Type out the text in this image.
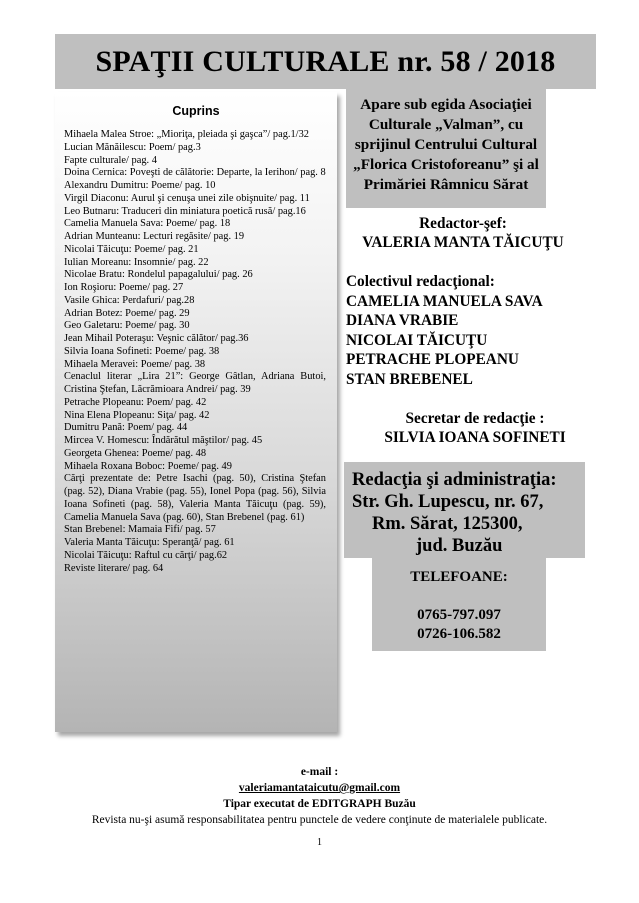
SPAŢII CULTURALE nr. 58 / 2018
Cuprins
Mihaela Malea Stroe: „Mioriţa, pleiada şi gaşca”/ pag.1/32
Lucian Mănăilescu: Poem/ pag.3
Fapte culturale/ pag. 4
Doina Cernica: Poveşti de călătorie: Departe, la Ierihon/ pag. 8
Alexandru Dumitru: Poeme/ pag. 10
Virgil Diaconu: Aurul şi cenuşa unei zile obişnuite/ pag. 11
Leo Butnaru: Traduceri din miniatura poetică rusă/ pag.16
Camelia Manuela Sava: Poeme/ pag. 18
Adrian Munteanu: Lecturi regăsite/ pag. 19
Nicolai Tăicuţu: Poeme/ pag. 21
Iulian Moreanu: Insomnie/ pag. 22
Nicolae Bratu: Rondelul papagalului/ pag. 26
Ion Roşioru: Poeme/ pag. 27
Vasile Ghica: Perdafuri/ pag.28
Adrian Botez: Poeme/ pag. 29
Geo Galetaru: Poeme/ pag. 30
Jean Mihail Poteraşu: Veşnic călător/ pag.36
Silvia Ioana Sofineti: Poeme/ pag. 38
Mihaela Meravei: Poeme/ pag. 38
Cenaclul literar „Lira 21”: George Gâtlan, Adriana Butoi, Cristina Ştefan, Lăcrămioara Andrei/ pag. 39
Petrache Plopeanu: Poem/ pag. 42
Nina Elena Plopeanu: Siţa/ pag. 42
Dumitru Pană: Poem/ pag. 44
Mircea V. Homescu: Îndărătul măştilor/ pag. 45
Georgeta Ghenea: Poeme/ pag. 48
Mihaela Roxana Boboc: Poeme/ pag. 49
Cărţi prezentate de: Petre Isachi (pag. 50), Cristina Ştefan (pag. 52), Diana Vrabie (pag. 55), Ionel Popa (pag. 56), Silvia Ioana Sofineti (pag. 58), Valeria Manta Tăicuţu (pag. 59), Camelia Manuela Sava (pag. 60), Stan Brebenel (pag. 61)
Stan Brebenel: Mamaia Fifi/ pag. 57
Valeria Manta Tăicuţu: Speranţă/ pag. 61
Nicolai Tăicuţu: Raftul cu cărţi/ pag.62
Reviste literare/ pag. 64
Apare sub egida Asociaţiei Culturale „Valman”, cu sprijinul Centrului Cultural „Florica Cristoforeanu” şi al Primăriei Râmnicu Sărat
Redactor-şef:
VALERIA MANTA TĂICUŢU
Colectivul redacţional:
CAMELIA MANUELA SAVA
DIANA VRABIE
NICOLAI TĂICUŢU
PETRACHE PLOPEANU
STAN BREBENEL
Secretar de redacţie :
SILVIA IOANA SOFINETI
Redacţia şi administraţia:
Str. Gh. Lupescu, nr. 67,
Rm. Sărat, 125300,
jud. Buzău
TELEFOANE:
0765-797.097
0726-106.582
e-mail :
valeriamantataicutu@gmail.com
Tipar executat de EDITGRAPH Buzău
Revista nu-şi asumă responsabilitatea pentru punctele de vedere conţinute de materialele publicate.
1
